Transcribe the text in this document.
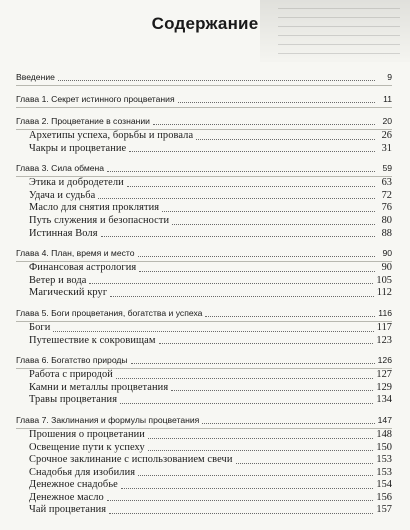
Содержание
Введение	9
Глава 1. Секрет истинного процветания	11
Глава 2. Процветание в сознании	20
Архетипы успеха, борьбы и провала	26
Чакры и процветание	31
Глава 3. Сила обмена	59
Этика и добродетели	63
Удача и судьба	72
Масло для снятия проклятия	76
Путь служения и безопасности	80
Истинная Воля	88
Глава 4. План, время и место	90
Финансовая астрология	90
Ветер и вода	105
Магический круг	112
Глава 5. Боги процветания, богатства и успеха	116
Боги	117
Путешествие к сокровищам	123
Глава 6. Богатство природы	126
Работа с природой	127
Камни и металлы процветания	129
Травы процветания	134
Глава 7. Заклинания и формулы процветания	147
Прошения о процветании	148
Освещение пути к успеху	150
Срочное заклинание с использованием свечи	153
Снадобья для изобилия	153
Денежное снадобье	154
Денежное масло	156
Чай процветания	157
